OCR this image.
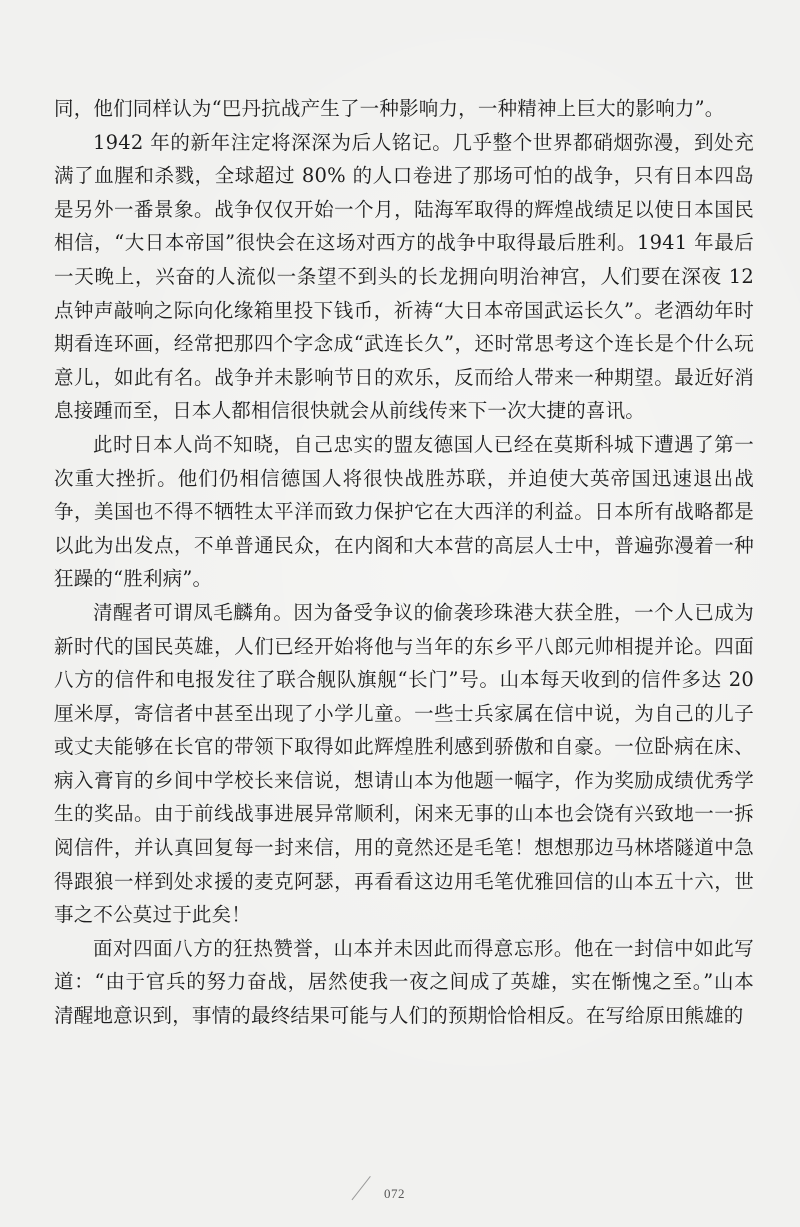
同，他们同样认为“巴丹抗战产生了一种影响力，一种精神上巨大的影响力”。

1942 年的新年注定将深深为后人铭记。几乎整个世界都硝烟弥漫，到处充满了血腥和杀戮，全球超过 80% 的人口卷进了那场可怕的战争，只有日本四岛是另外一番景象。战争仅仅开始一个月，陆海军取得的辉煌战绩足以使日本国民相信，“大日本帝国”很快会在这场对西方的战争中取得最后胜利。1941 年最后一天晚上，兴奋的人流似一条望不到头的长龙拥向明治神宫，人们要在深夜 12 点钟声敲响之际向化缘箱里投下钱币，祈祷“大日本帝国武运长久”。老酒幼年时期看连环画，经常把那四个字念成“武连长久”，还时常思考这个连长是个什么玩意儿，如此有名。战争并未影响节日的欢乐，反而给人带来一种期望。最近好消息接踵而至，日本人都相信很快就会从前线传来下一次大捷的喜讯。

此时日本人尚不知晓，自己忠实的盟友德国人已经在莫斯科城下遭遇了第一次重大挫折。他们仍相信德国人将很快战胜苏联，并迫使大英帝国迅速退出战争，美国也不得不牺牲太平洋而致力保护它在大西洋的利益。日本所有战略都是以此为出发点，不单普通民众，在内阁和大本营的高层人士中，普遍弥漫着一种狂躁的“胜利病”。

清醒者可谓凤毛麟角。因为备受争议的偷袭珍珠港大获全胜，一个人已成为新时代的国民英雄，人们已经开始将他与当年的东乡平八郎元帅相提并论。四面八方的信件和电报发往了联合舰队旗舰“长门”号。山本每天收到的信件多达 20 厘米厚，寄信者中甚至出现了小学儿童。一些士兵家属在信中说，为自己的儿子或丈夫能够在长官的带领下取得如此辉煌胜利感到骄傲和自豪。一位卧病在床、病入膏肓的乡间中学校长来信说，想请山本为他题一幅字，作为奖励成绩优秀学生的奖品。由于前线战事进展异常顺利，闲来无事的山本也会饶有兴致地一一拆阅信件，并认真回复每一封来信，用的竟然还是毛笔！想想那边马林塔隧道中急得跟狼一样到处求援的麦克阿瑟，再看看这边用毛笔优雅回信的山本五十六，世事之不公莫过于此矣！

面对四面八方的狂热赞誉，山本并未因此而得意忘形。他在一封信中如此写道：“由于官兵的努力奋战，居然使我一夜之间成了英雄，实在惭愧之至。”山本清醒地意识到，事情的最终结果可能与人们的预期恰恰相反。在写给原田熊雄的

072
